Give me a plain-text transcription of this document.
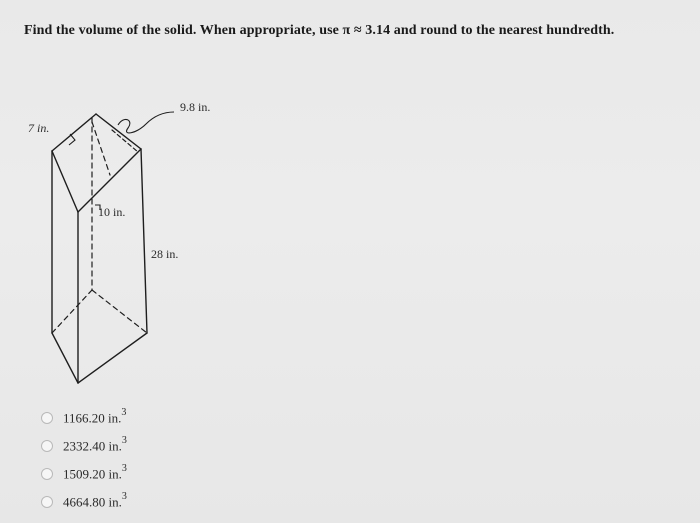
Find the volume of the solid. When appropriate, use π ≈ 3.14 and round to the nearest hundredth.
7 in.
9.8 in.
10 in.
28 in.
1166.20 in.$^3$
2332.40 in.$^3$
1509.20 in.$^3$
4664.80 in.$^3$
